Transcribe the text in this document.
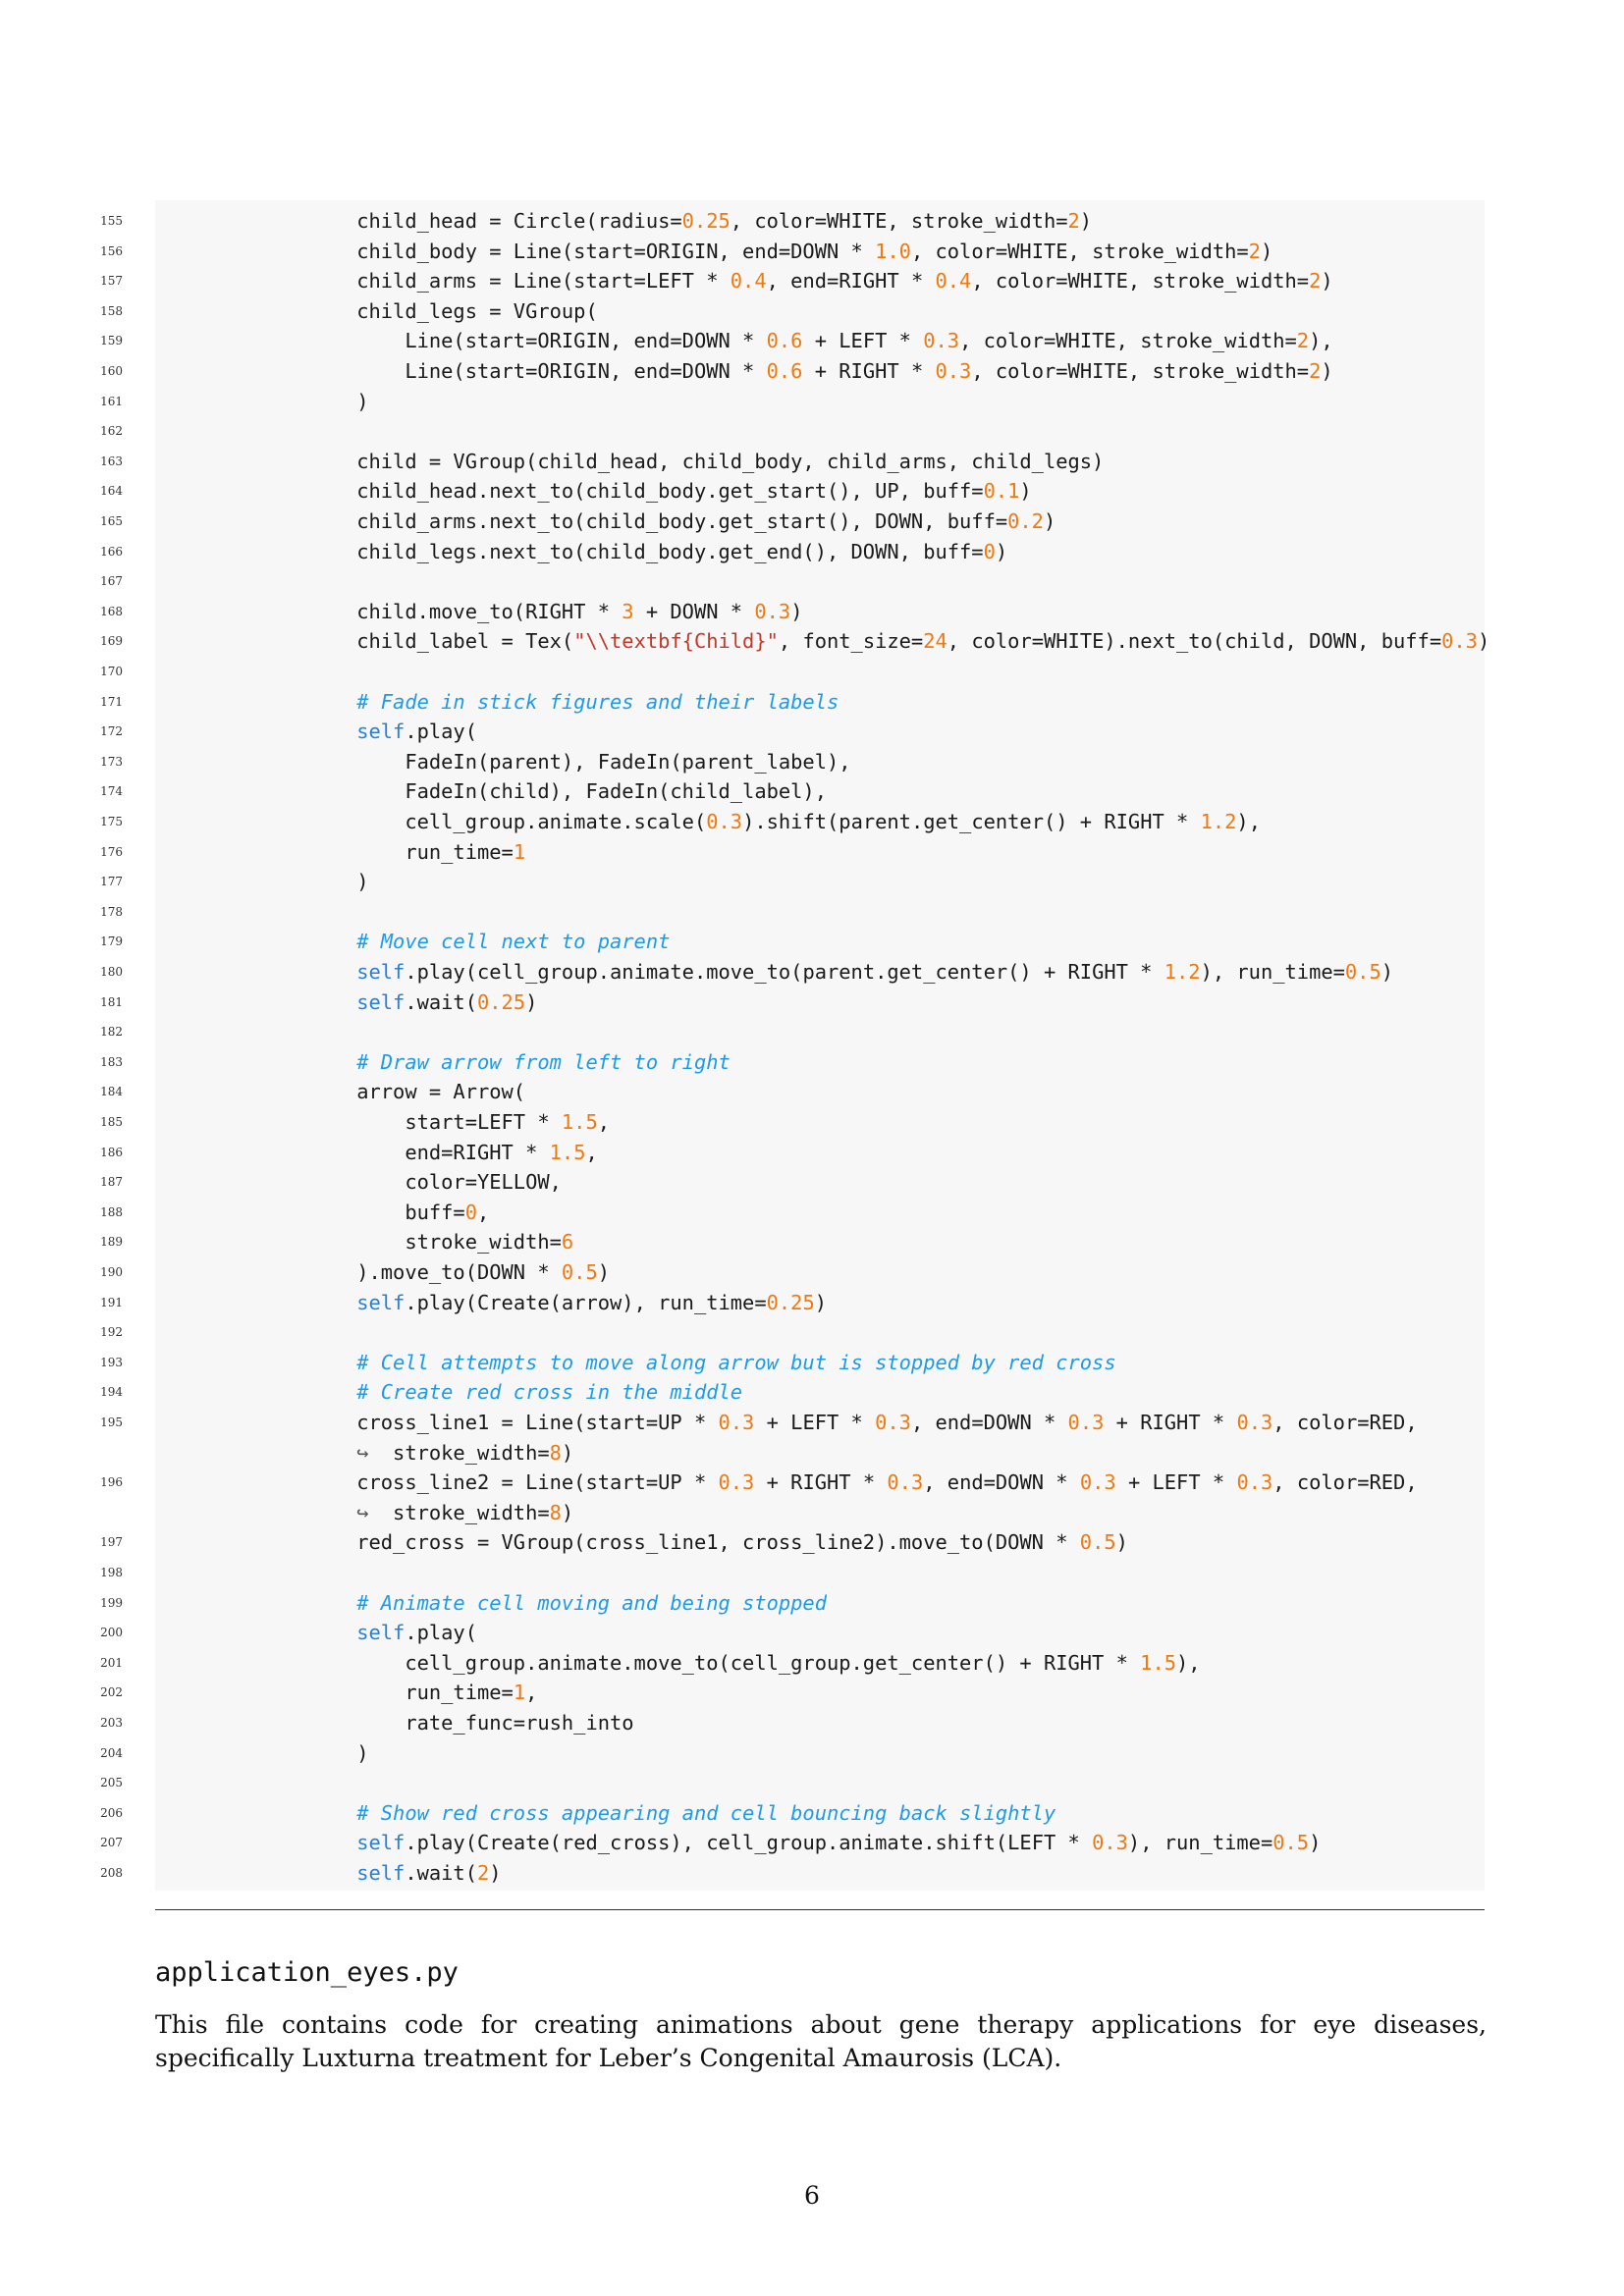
155	child_head = Circle(radius=0.25, color=WHITE, stroke_width=2)
156	child_body = Line(start=ORIGIN, end=DOWN * 1.0, color=WHITE, stroke_width=2)
157	child_arms = Line(start=LEFT * 0.4, end=RIGHT * 0.4, color=WHITE, stroke_width=2)
158	child_legs = VGroup(
159	Line(start=ORIGIN, end=DOWN * 0.6 + LEFT * 0.3, color=WHITE, stroke_width=2),
160	Line(start=ORIGIN, end=DOWN * 0.6 + RIGHT * 0.3, color=WHITE, stroke_width=2)
161	)
162
163	child = VGroup(child_head, child_body, child_arms, child_legs)
164	child_head.next_to(child_body.get_start(), UP, buff=0.1)
165	child_arms.next_to(child_body.get_start(), DOWN, buff=0.2)
166	child_legs.next_to(child_body.get_end(), DOWN, buff=0)
167
168	child.move_to(RIGHT * 3 + DOWN * 0.3)
169	child_label = Tex("\\textbf{Child}", font_size=24, color=WHITE).next_to(child, DOWN, buff=0.3)
170
171	# Fade in stick figures and their labels
172	self.play(
173	FadeIn(parent), FadeIn(parent_label),
174	FadeIn(child), FadeIn(child_label),
175	cell_group.animate.scale(0.3).shift(parent.get_center() + RIGHT * 1.2),
176	run_time=1
177	)
178
179	# Move cell next to parent
180	self.play(cell_group.animate.move_to(parent.get_center() + RIGHT * 1.2), run_time=0.5)
181	self.wait(0.25)
182
183	# Draw arrow from left to right
184	arrow = Arrow(
185	start=LEFT * 1.5,
186	end=RIGHT * 1.5,
187	color=YELLOW,
188	buff=0,
189	stroke_width=6
190	).move_to(DOWN * 0.5)
191	self.play(Create(arrow), run_time=0.25)
192
193	# Cell attempts to move along arrow but is stopped by red cross
194	# Create red cross in the middle
195	cross_line1 = Line(start=UP * 0.3 + LEFT * 0.3, end=DOWN * 0.3 + RIGHT * 0.3, color=RED,
↪  stroke_width=8)
196	cross_line2 = Line(start=UP * 0.3 + RIGHT * 0.3, end=DOWN * 0.3 + LEFT * 0.3, color=RED,
↪  stroke_width=8)
197	red_cross = VGroup(cross_line1, cross_line2).move_to(DOWN * 0.5)
198
199	# Animate cell moving and being stopped
200	self.play(
201	cell_group.animate.move_to(cell_group.get_center() + RIGHT * 1.5),
202	run_time=1,
203	rate_func=rush_into
204	)
205
206	# Show red cross appearing and cell bouncing back slightly
207	self.play(Create(red_cross), cell_group.animate.shift(LEFT * 0.3), run_time=0.5)
208	self.wait(2)
application_eyes.py
This file contains code for creating animations about gene therapy applications for eye diseases, specifically Luxturna treatment for Leber’s Congenital Amaurosis (LCA).
6
